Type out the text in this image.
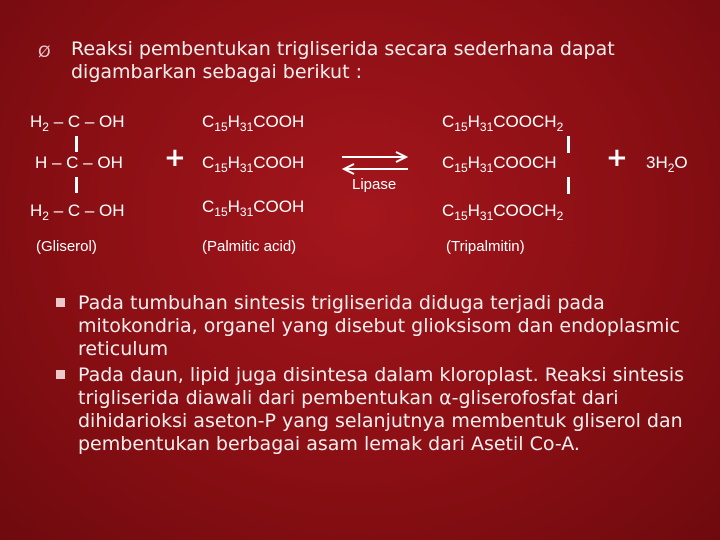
Ø Reaksi pembentukan trigliserida secara sederhana dapat digambarkan sebagai berikut :
$H_2$ – C – OH
H – C – OH
$H_2$ – C – OH
(Gliserol)
+
$C_{15}H_{31}COOH$
$C_{15}H_{31}COOH$
$C_{15}H_{31}COOH$
(Palmitic acid)
Lipase
$C_{15}H_{31}COOCH_2$
$C_{15}H_{31}COOCH$
$C_{15}H_{31}COOCH_2$
(Tripalmitin)
+ $3H_2O$
Pada tumbuhan sintesis trigliserida diduga terjadi pada mitokondria, organel yang disebut glioksisom dan endoplasmic reticulum
Pada daun, lipid juga disintesa dalam kloroplast. Reaksi sintesis trigliserida diawali dari pembentukan α-gliserofosfat dari dihidarioksi aseton-P yang selanjutnya membentuk gliserol dan pembentukan berbagai asam lemak dari Asetil Co-A.
